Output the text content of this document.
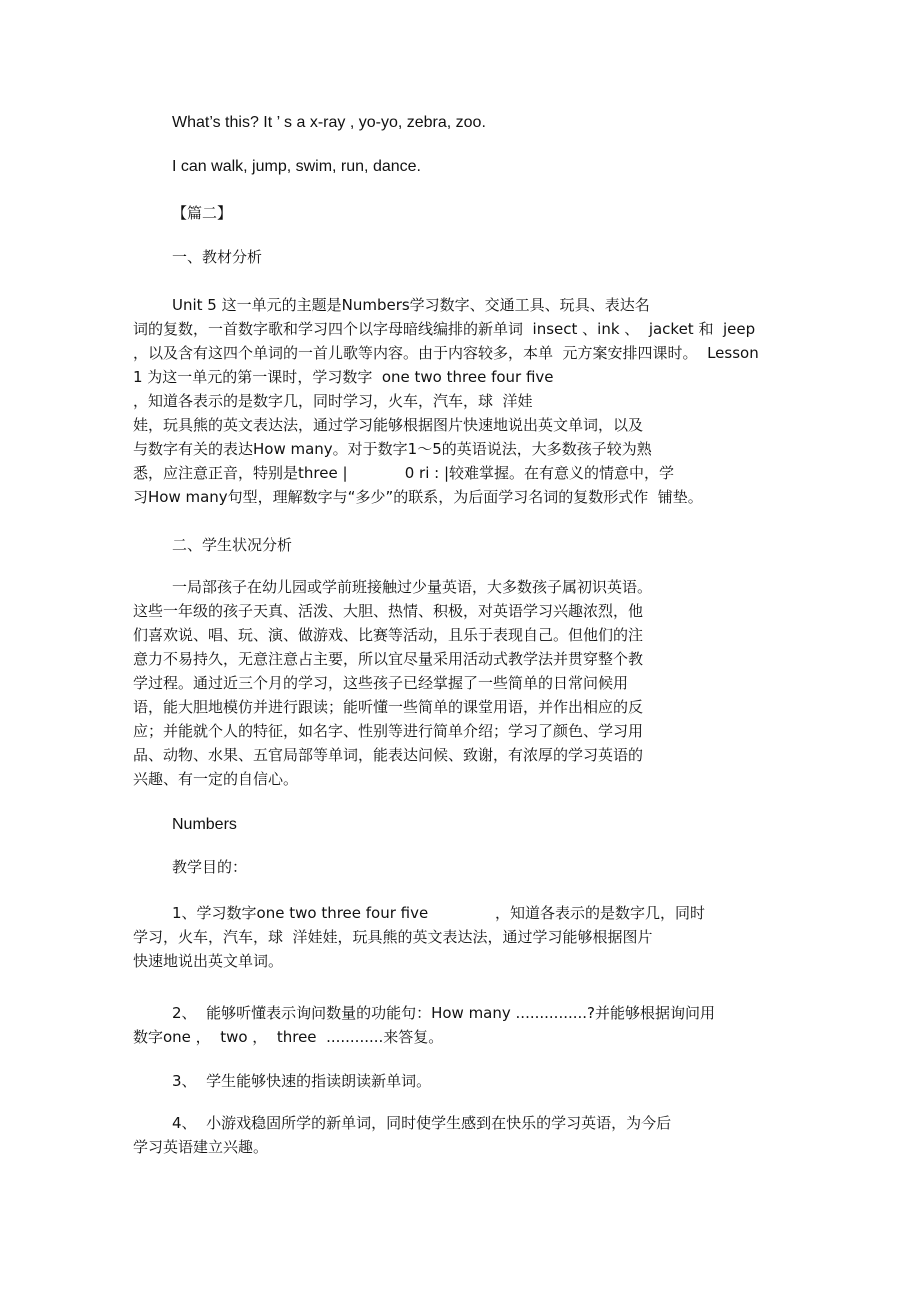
What’s this? It ’ s a x-ray , yo-yo, zebra, zoo.

I can walk, jump, swim, run, dance.

【篇二】

一、教材分析

Unit 5 这一单元的主题是Numbers学习数字、交通工具、玩具、表达名

词的复数，一首数字歌和学习四个以字母暗线编排的新单词  insect 、ink 、  jacket 和  jeep

，以及含有这四个单词的一首儿歌等内容。由于内容较多，本单  元方案安排四课时。  Lesson

1 为这一单元的第一课时，学习数字  one two three four five

，知道各表示的是数字几，同时学习，火车，汽车，球  洋娃

娃，玩具熊的英文表达法，通过学习能够根据图片快速地说出英文单词，以及

与数字有关的表达How many。对于数字1～5的英语说法，大多数孩子较为熟

悉，应注意正音，特别是three |            0 ri : |较难掌握。在有意义的情意中，学

习How many句型，理解数字与“多少”的联系，为后面学习名词的复数形式作  铺垫。

二、学生状况分析

一局部孩子在幼儿园或学前班接触过少量英语，大多数孩子属初识英语。

这些一年级的孩子天真、活泼、大胆、热情、积极，对英语学习兴趣浓烈，他

们喜欢说、唱、玩、演、做游戏、比赛等活动，且乐于表现自己。但他们的注

意力不易持久，无意注意占主要，所以宜尽量采用活动式教学法并贯穿整个教

学过程。通过近三个月的学习，这些孩子已经掌握了一些简单的日常问候用

语，能大胆地模仿并进行跟读；能听懂一些简单的课堂用语，并作出相应的反

应；并能就个人的特征，如名字、性别等进行简单介绍；学习了颜色、学习用

品、动物、水果、五官局部等单词，能表达问候、致谢，有浓厚的学习英语的

兴趣、有一定的自信心。

Numbers

教学目的：

1、学习数字one two three four five              ，知道各表示的是数字几，同时

学习，火车，汽车，球  洋娃娃，玩具熊的英文表达法，通过学习能够根据图片

快速地说出英文单词。

2、  能够听懂表示询问数量的功能句：How many ...............?并能够根据询问用

数字one ，  two ，  three  ............来答复。

3、  学生能够快速的指读朗读新单词。

4、  小游戏稳固所学的新单词，同时使学生感到在快乐的学习英语，为今后

学习英语建立兴趣。
